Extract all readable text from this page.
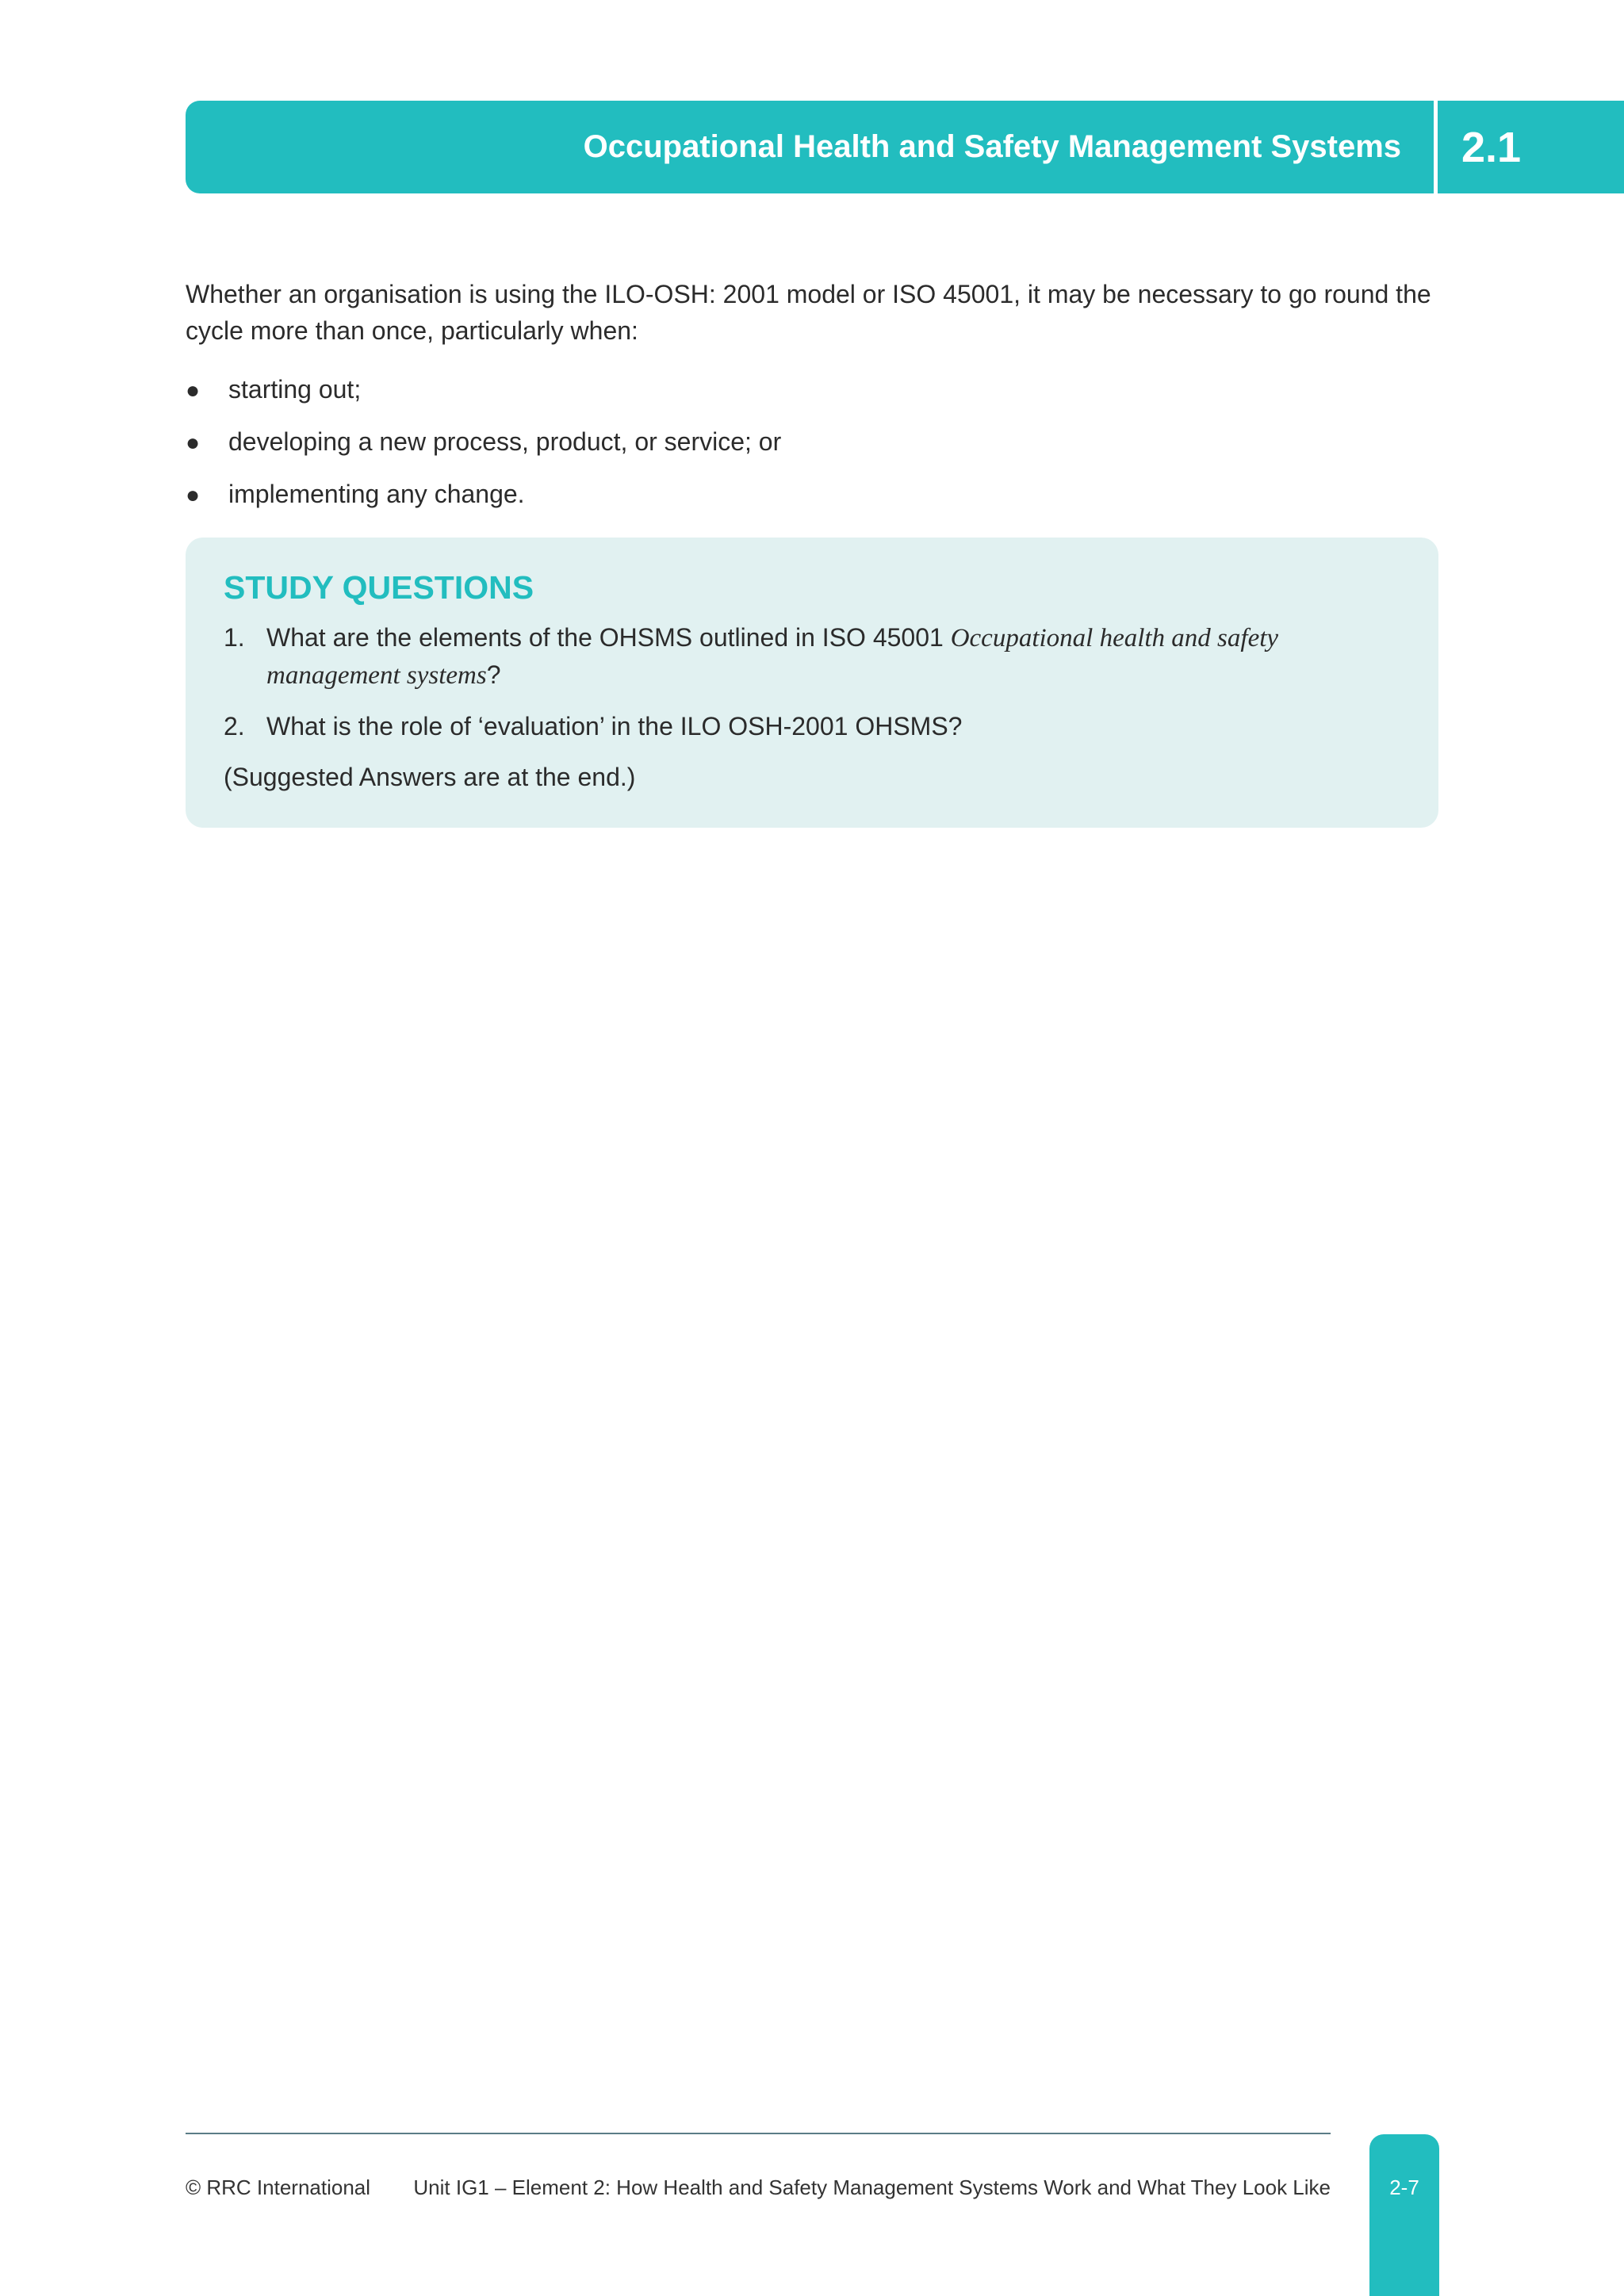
Occupational Health and Safety Management Systems 2.1

Whether an organisation is using the ILO-OSH: 2001 model or ISO 45001, it may be necessary to go round the cycle more than once, particularly when:

●	starting out;
●	developing a new process, product, or service; or
●	implementing any change.
STUDY QUESTIONS
1. What are the elements of the OHSMS outlined in ISO 45001 Occupational health and safety management systems?
2. What is the role of ‘evaluation’ in the ILO OSH-2001 OHSMS?

(Suggested Answers are at the end.)

© RRC International Unit IG1 – Element 2: How Health and Safety Management Systems Work and What They Look Like	2-7
